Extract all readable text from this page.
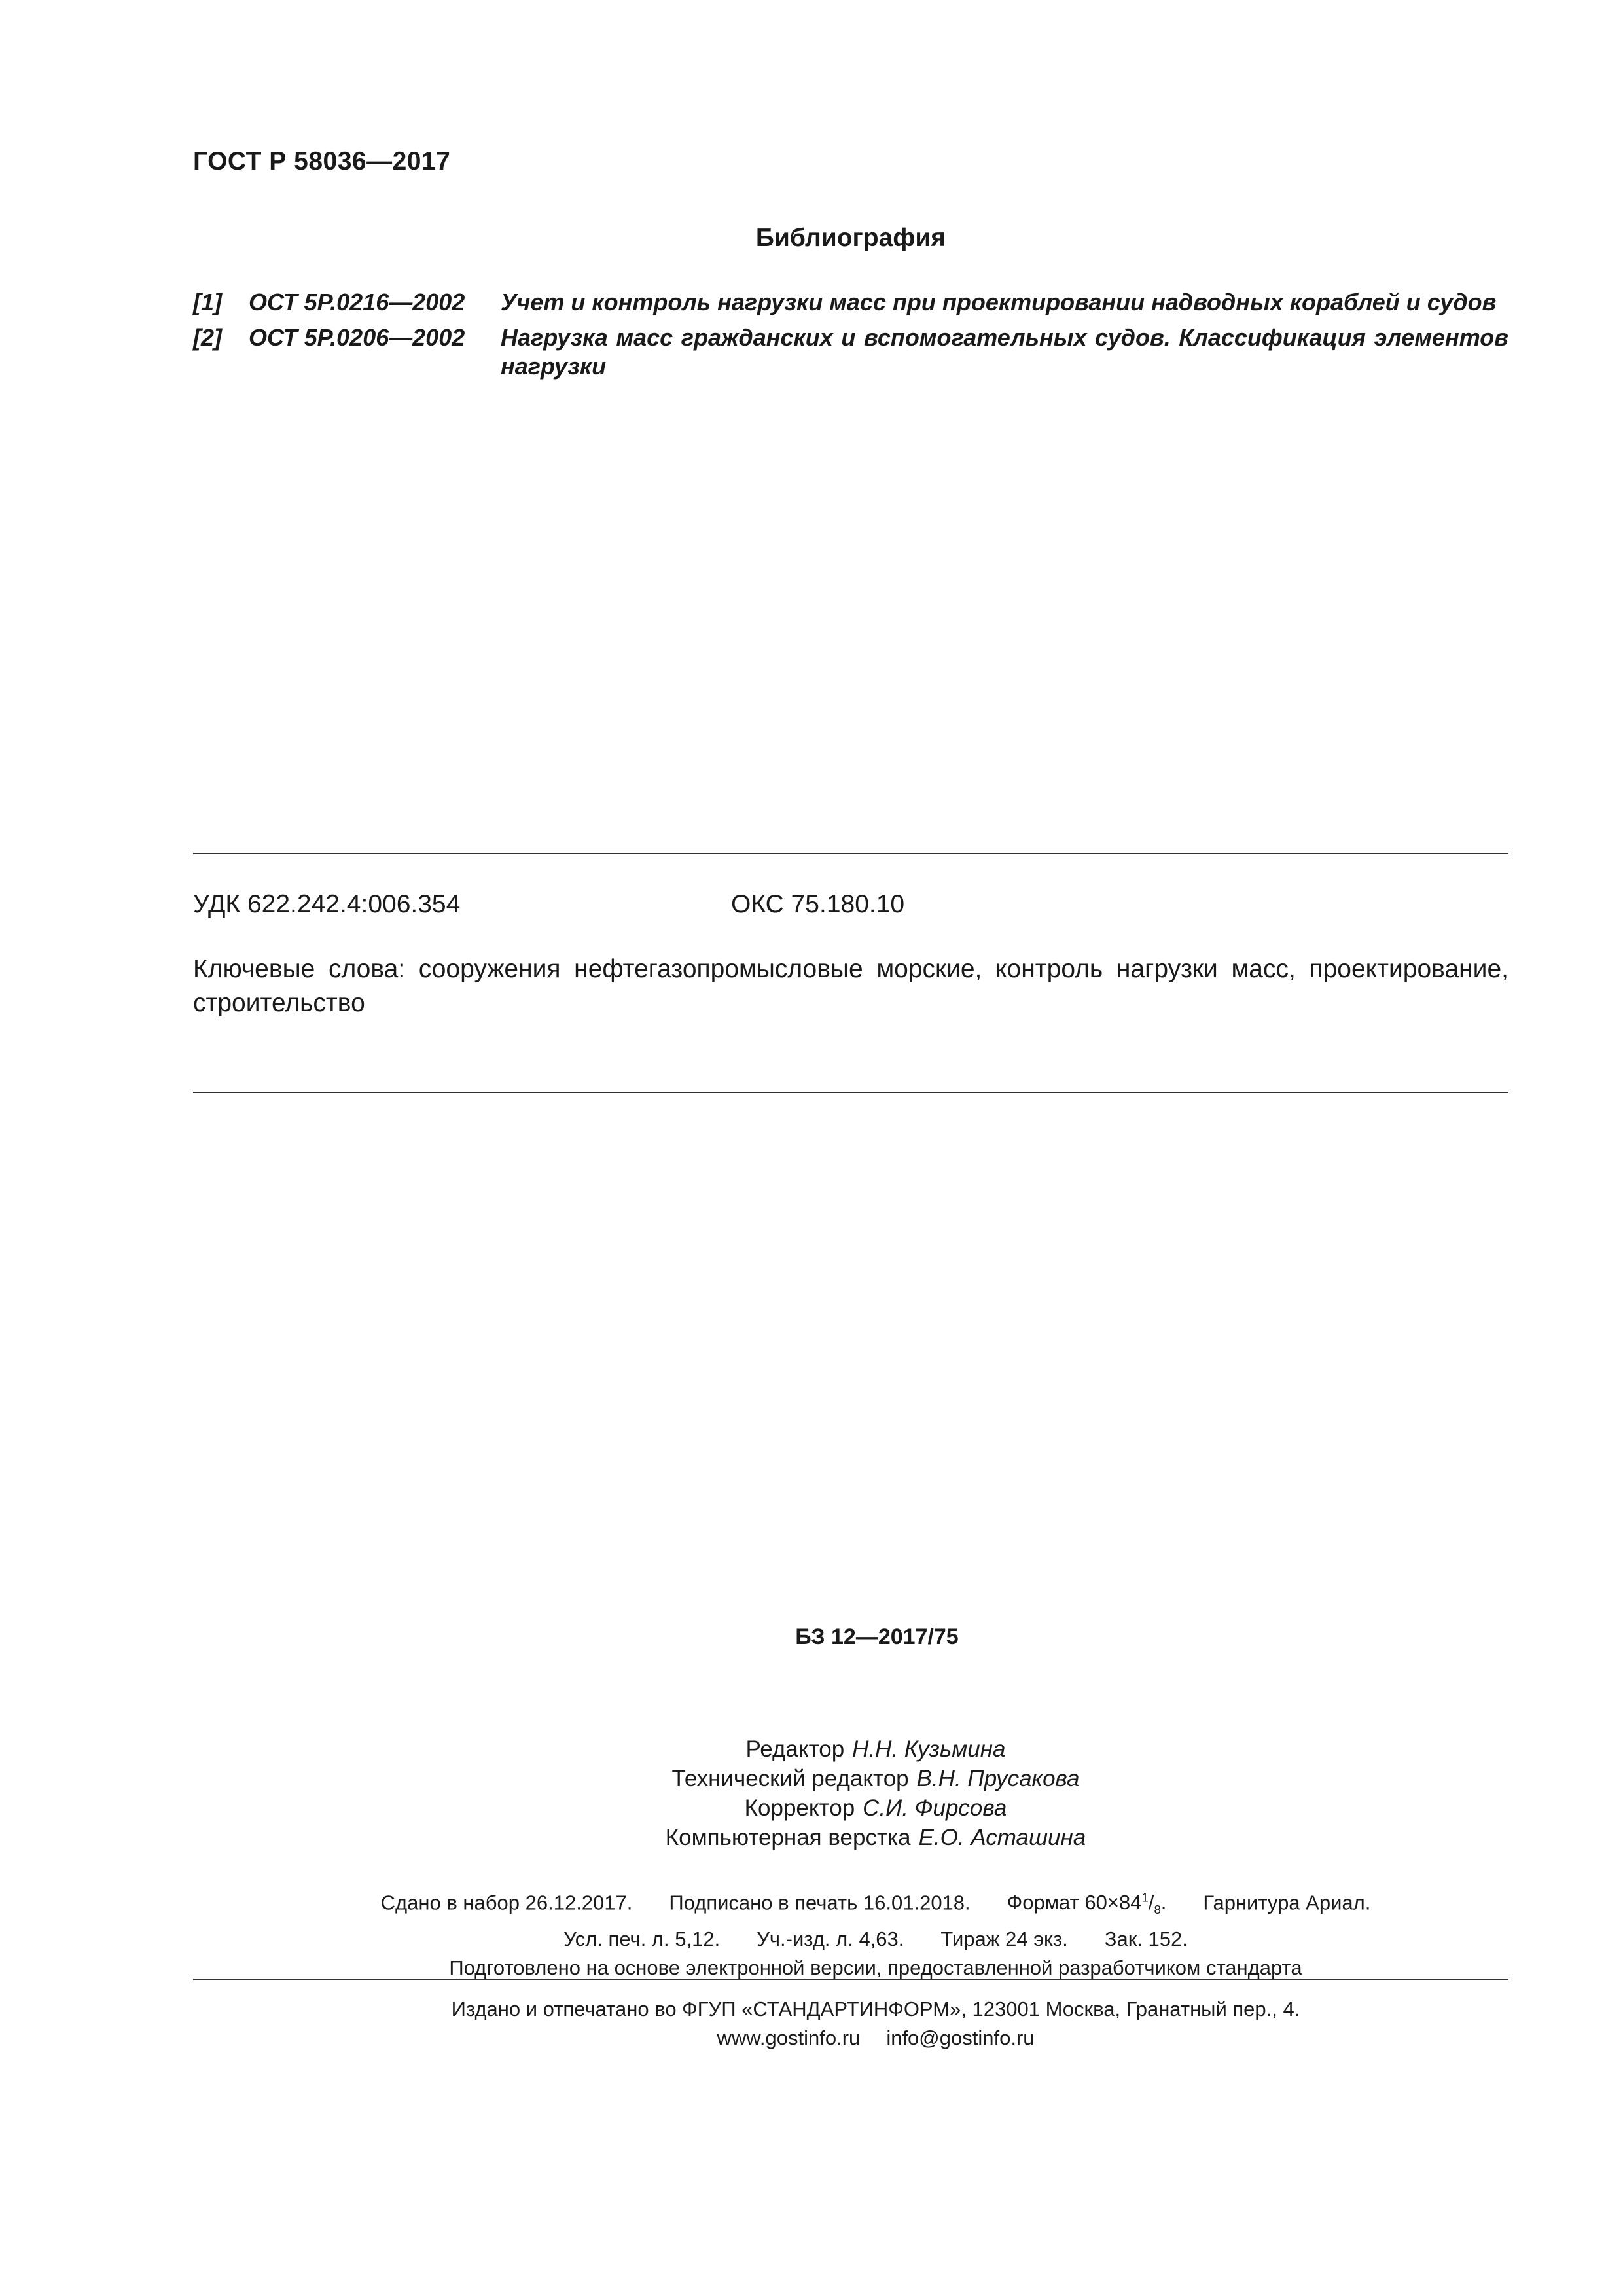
ГОСТ Р 58036—2017
Библиография
[1]	ОСТ 5Р.0216—2002	Учет и контроль нагрузки масс при проектировании надводных кораблей и судов
[2]	ОСТ 5Р.0206—2002	Нагрузка масс гражданских и вспомогательных судов. Классификация элементов нагрузки
УДК 622.242.4:006.354	ОКС 75.180.10
Ключевые слова: сооружения нефтегазопромысловые морские, контроль нагрузки масс, проектирование, строительство
БЗ 12—2017/75
Редактор Н.Н. Кузьмина
Технический редактор В.Н. Прусакова
Корректор С.И. Фирсова
Компьютерная верстка Е.О. Асташина
Сдано в набор 26.12.2017. Подписано в печать 16.01.2018. Формат $60\times 84^1/_8$. Гарнитура Ариал.
Усл. печ. л. 5,12. Уч.-изд. л. 4,63. Тираж 24 экз. Зак. 152.
Подготовлено на основе электронной версии, предоставленной разработчиком стандарта
Издано и отпечатано во ФГУП «СТАНДАРТИНФОРМ», 123001 Москва, Гранатный пер., 4.
www.gostinfo.ru info@gostinfo.ru
